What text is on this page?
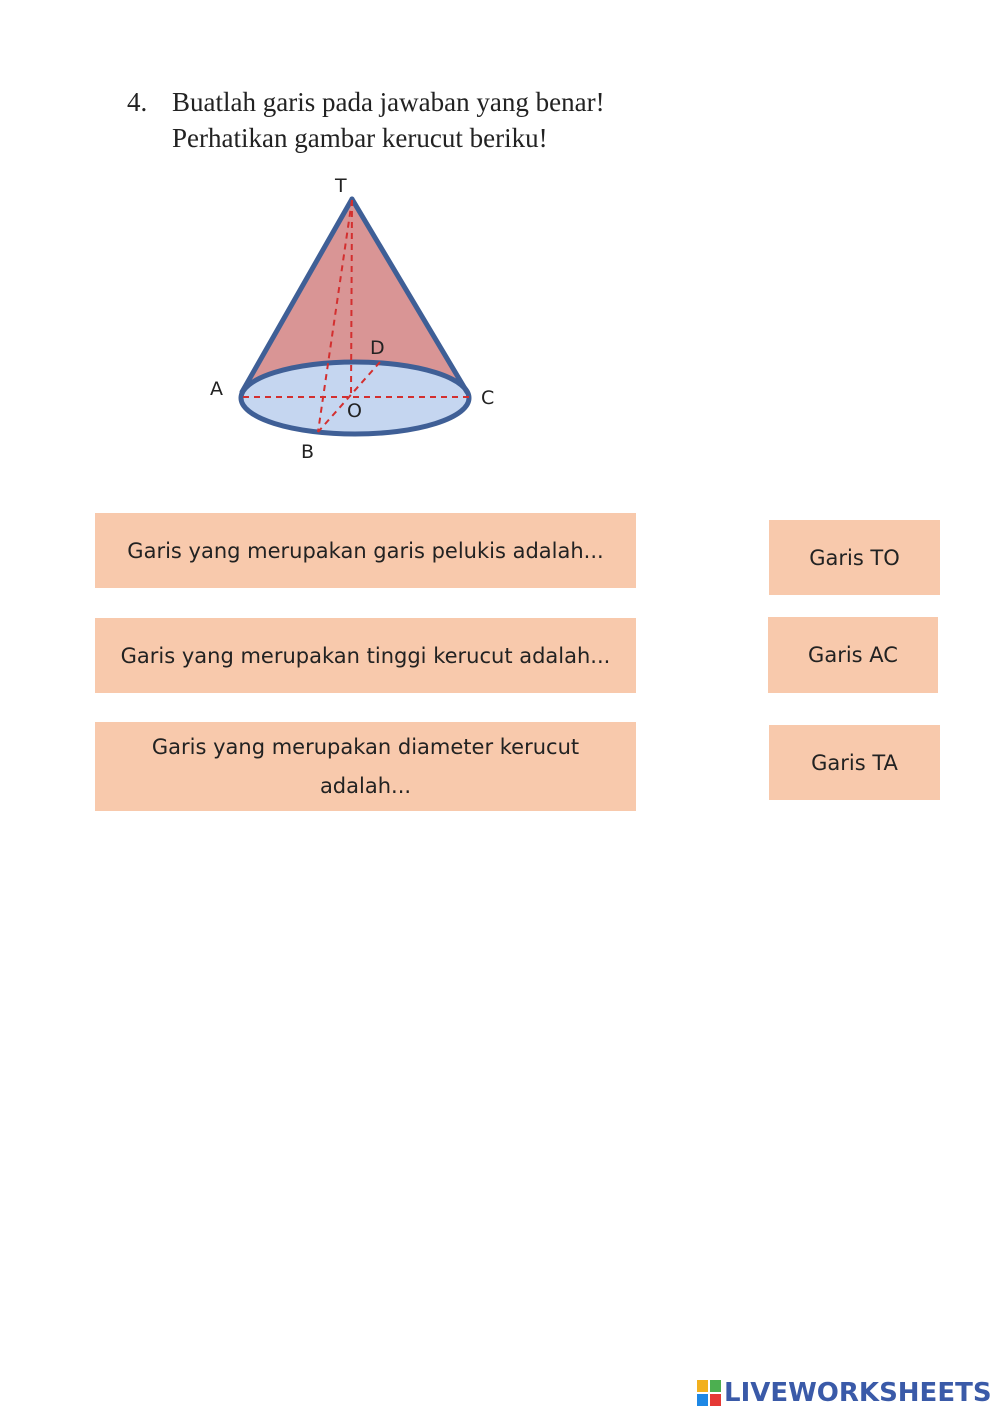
4. Buatlah garis pada jawaban yang benar!
Perhatikan gambar kerucut beriku!
T
D
A	C
O
B
Garis yang merupakan garis pelukis adalah...
Garis yang merupakan tinggi kerucut adalah...
Garis yang merupakan diameter kerucut adalah...
Garis TO
Garis AC
Garis TA
LIVEWORKSHEETS
